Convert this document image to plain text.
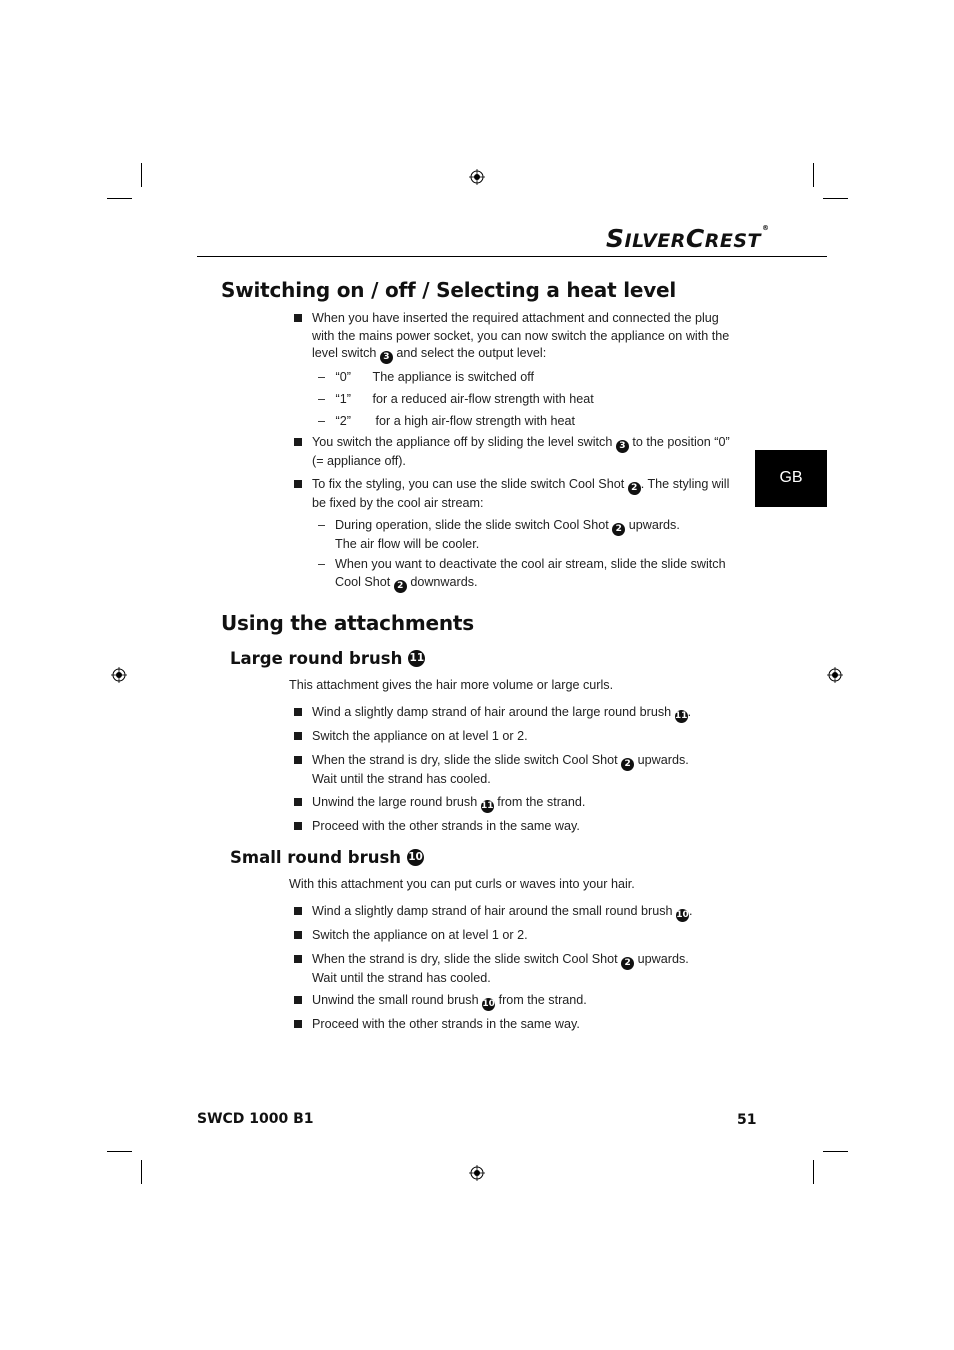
SILVERCREST®
GB
Switching on / off / Selecting a heat level
When you have inserted the required attachment and connected the plug
with the mains power socket, you can now switch the appliance on with the
level switch 3 and select the output level:
–   “0” The appliance is switched off
–   “1” for a reduced air-flow strength with heat
–   “2” for a high air-flow strength with heat
You switch the appliance off by sliding the level switch 3 to the position “0”
(= appliance off).
To fix the styling, you can use the slide switch Cool Shot 2 . The styling will
be fixed by the cool air stream:
– During operation, slide the slide switch Cool Shot 2 upwards.
The air flow will be cooler.
– When you want to deactivate the cool air stream, slide the slide switch
Cool Shot 2 downwards.
Using the attachments
Large round brush 11
This attachment gives the hair more volume or large curls.
Wind a slightly damp strand of hair around the large round brush 11.
Switch the appliance on at level 1 or 2.
When the strand is dry, slide the slide switch Cool Shot 2 upwards.
Wait until the strand has cooled.
Unwind the large round brush 11 from the strand.
Proceed with the other strands in the same way.
Small round brush 10
With this attachment you can put curls or waves into your hair.
Wind a slightly damp strand of hair around the small round brush 10.
Switch the appliance on at level 1 or 2.
When the strand is dry, slide the slide switch Cool Shot 2 upwards.
Wait until the strand has cooled.
Unwind the small round brush 10 from the strand.
Proceed with the other strands in the same way.
SWCD 1000 B1	51
